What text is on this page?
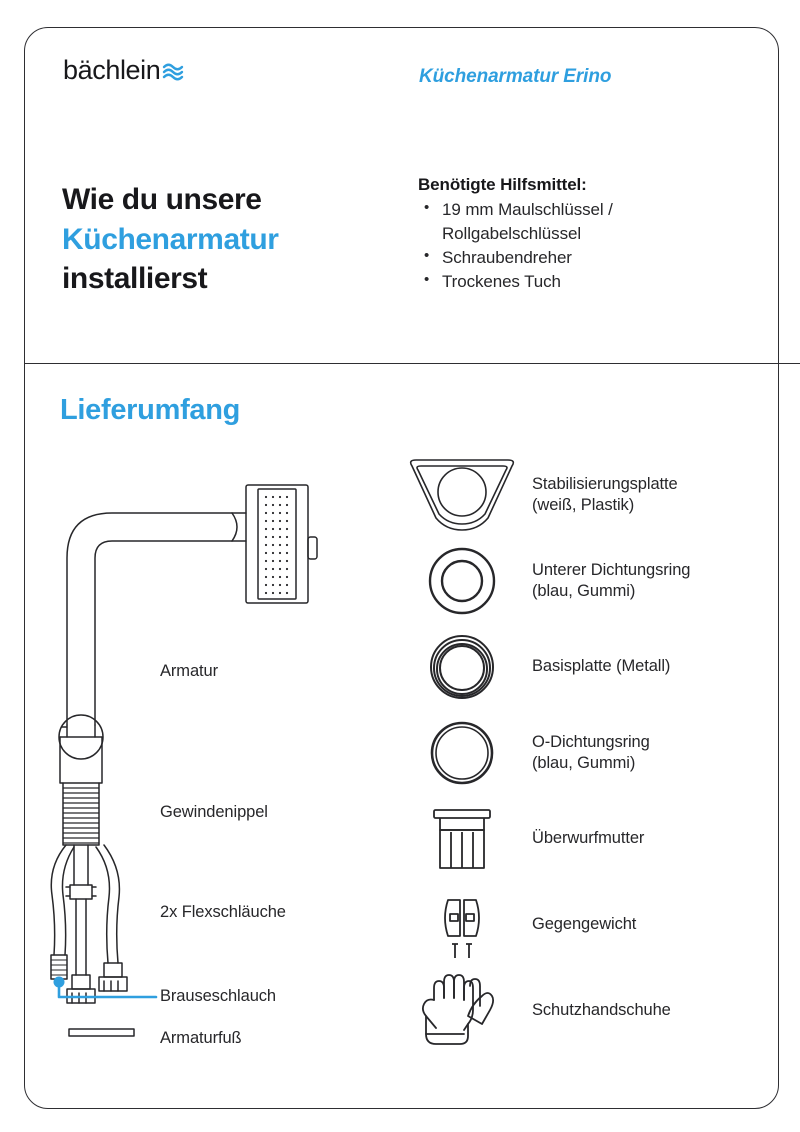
bächlein	Küchenarmatur Erino
Wie du unsere
Küchenarmatur
installierst
Benötigte Hilfsmittel:
• 19 mm Maulschlüssel / Rollgabelschlüssel
• Schraubendreher
• Trockenes Tuch
Lieferumfang
Armatur
Gewindenippel
2x Flexschläuche
Brauseschlauch
Armaturfuß
Stabilisierungsplatte
(weiß, Plastik)
Unterer Dichtungsring
(blau, Gummi)
Basisplatte (Metall)
O-Dichtungsring
(blau, Gummi)
Überwurfmutter
Gegengewicht
Schutzhandschuhe
